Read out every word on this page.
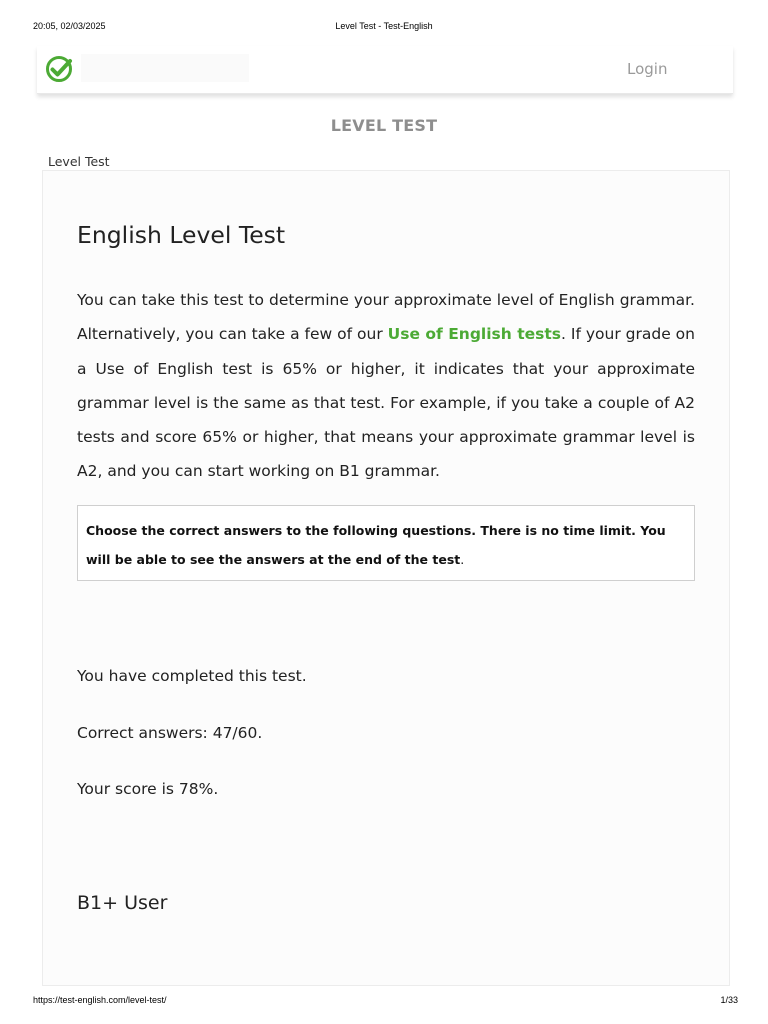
20:05, 02/03/2025	Level Test - Test-English
Login
LEVEL TEST
Level Test
English Level Test

You can take this test to determine your approximate level of English grammar. Alternatively, you can take a few of our Use of English tests. If your grade on a Use of English test is 65% or higher, it indicates that your approximate grammar level is the same as that test. For example, if you take a couple of A2 tests and score 65% or higher, that means your approximate grammar level is A2, and you can start working on B1 grammar.

Choose the correct answers to the following questions. There is no time limit. You will be able to see the answers at the end of the test.
You have completed this test.
Correct answers: 47/60.
Your score is 78%.
B1+ User
https://test-english.com/level-test/	1/33
